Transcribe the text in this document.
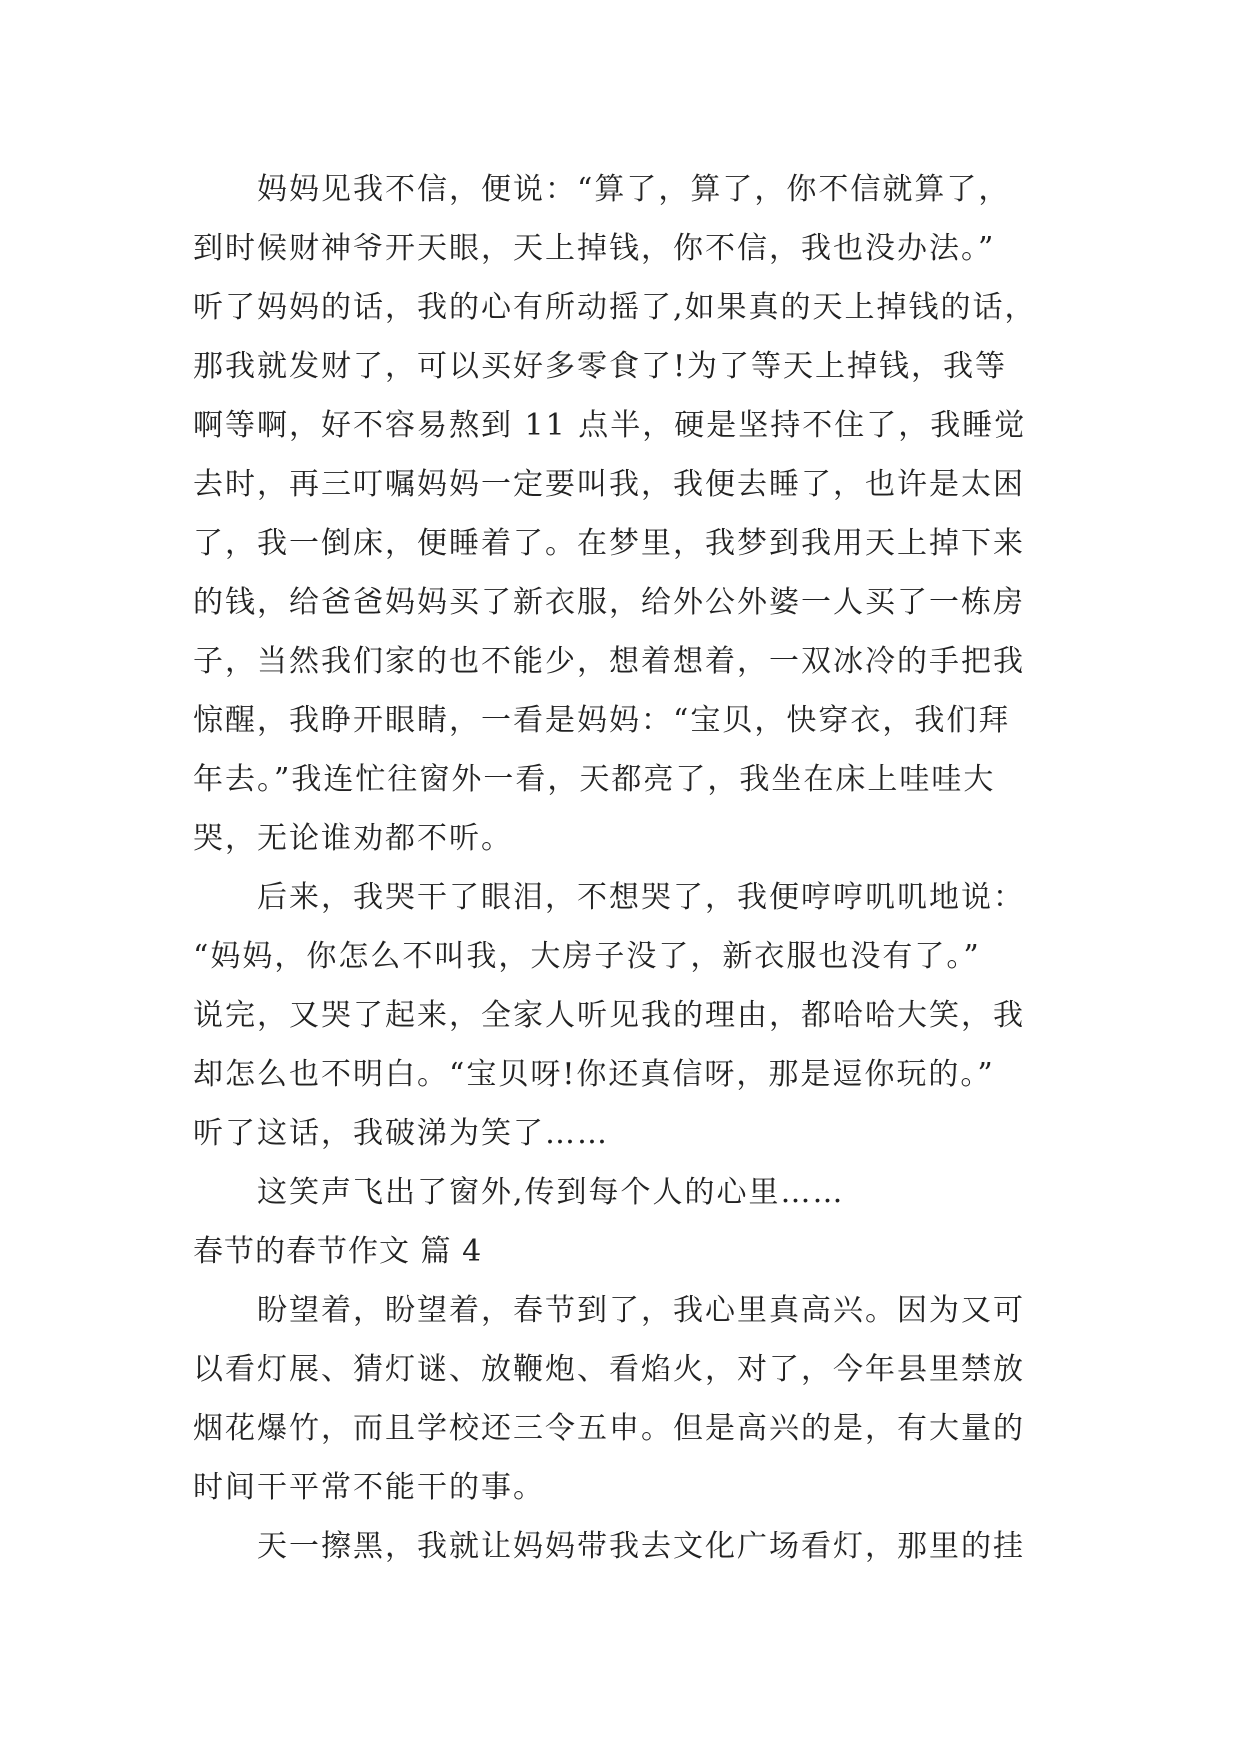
妈妈见我不信，便说：“算了，算了，你不信就算了，
到时候财神爷开天眼，天上掉钱，你不信，我也没办法。”
听了妈妈的话，我的心有所动摇了,如果真的天上掉钱的话，
那我就发财了，可以买好多零食了!为了等天上掉钱，我等
啊等啊，好不容易熬到 11 点半，硬是坚持不住了，我睡觉
去时，再三叮嘱妈妈一定要叫我，我便去睡了，也许是太困
了，我一倒床，便睡着了。在梦里，我梦到我用天上掉下来
的钱，给爸爸妈妈买了新衣服，给外公外婆一人买了一栋房
子，当然我们家的也不能少，想着想着，一双冰冷的手把我
惊醒，我睁开眼睛，一看是妈妈：“宝贝，快穿衣，我们拜
年去。”我连忙往窗外一看，天都亮了，我坐在床上哇哇大
哭，无论谁劝都不听。
后来，我哭干了眼泪，不想哭了，我便哼哼叽叽地说：
“妈妈，你怎么不叫我，大房子没了，新衣服也没有了。”
说完，又哭了起来，全家人听见我的理由，都哈哈大笑，我
却怎么也不明白。“宝贝呀!你还真信呀，那是逗你玩的。”
听了这话，我破涕为笑了……
这笑声飞出了窗外,传到每个人的心里……
春节的春节作文 篇 4
盼望着，盼望着，春节到了，我心里真高兴。因为又可
以看灯展、猜灯谜、放鞭炮、看焰火，对了，今年县里禁放
烟花爆竹，而且学校还三令五申。但是高兴的是，有大量的
时间干平常不能干的事。
天一擦黑，我就让妈妈带我去文化广场看灯，那里的挂
